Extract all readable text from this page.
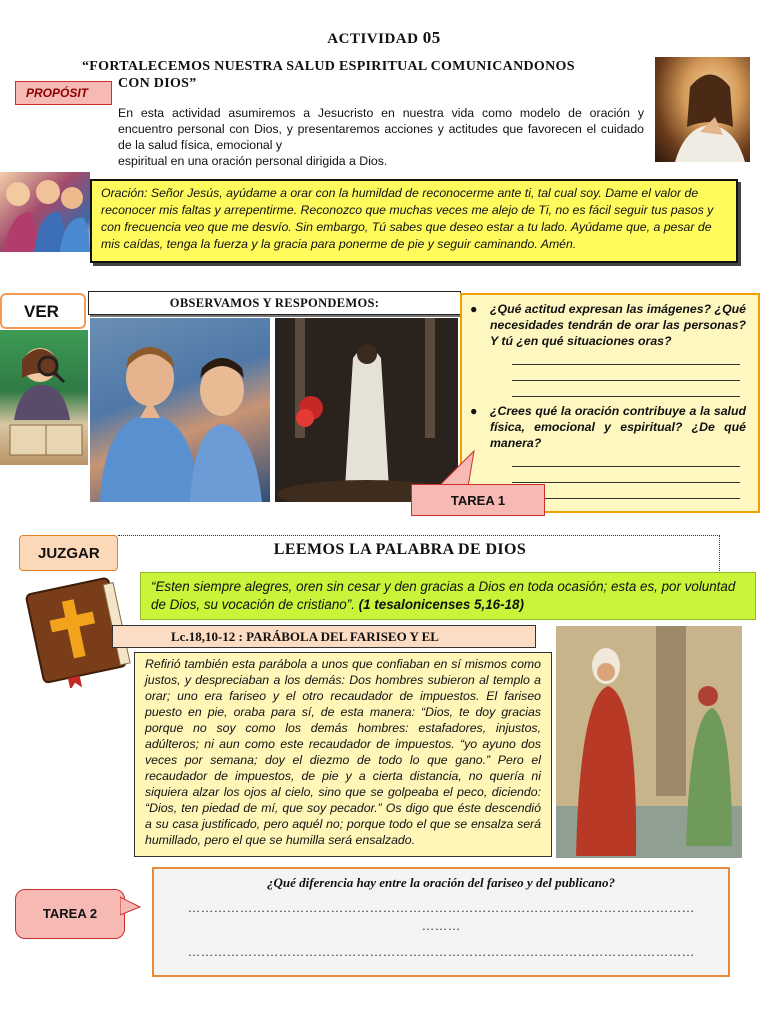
ACTIVIDAD 05
“FORTALECEMOS NUESTRA SALUD ESPIRITUAL COMUNICANDONOS
CON DIOS”
PROPÓSIT

En esta actividad asumiremos a Jesucristo en nuestra vida como modelo de oración y encuentro personal con Dios, y presentaremos acciones y actitudes que favorecen el cuidado de la salud física, emocional y

espiritual en una oración personal dirigida a Dios.

Oración: Señor Jesús, ayúdame a orar con la humildad de reconocerme ante ti, tal cual soy. Dame el valor de reconocer mis faltas y arrepentirme. Reconozco que muchas veces me alejo de Ti, no es fácil seguir tus pasos y con frecuencia veo que me desvío. Sin embargo, Tú sabes que deseo estar a tu lado. Ayúdame que, a pesar de mis caídas, tenga la fuerza y la gracia para ponerme de pie y seguir caminando. Amén.
VER	OBSERVAMOS Y RESPONDEMOS:	● ¿Qué actitud expresan las imágenes? ¿Qué necesidades tendrán de orar las personas? Y tú ¿en qué situaciones oras?
● ¿Crees qué la oración contribuye a la salud física, emocional y espiritual? ¿De qué manera?
TAREA 1
JUZGAR	LEEMOS LA PALABRA DE DIOS
“Esten siempre alegres, oren sin cesar y den gracias a Dios en toda ocasión; esta es, por voluntad de Dios, su vocación de cristiano”. (1 tesalonicenses 5,16-18)
Lc.18,10-12 : PARÁBOLA DEL FARISEO Y EL
Refirió también esta parábola a unos que confiaban en sí mismos como justos, y despreciaban a los demás: Dos hombres subieron al templo a orar; uno era fariseo y el otro recaudador de impuestos. El fariseo puesto en pie, oraba para sí, de esta manera: “Dios, te doy gracias porque no soy como los demás hombres: estafadores, injustos, adúlteros; ni aun como este recaudador de impuestos. “yo ayuno dos veces por semana; doy el diezmo de todo lo que gano.” Pero el recaudador de impuestos, de pie y a cierta distancia, no quería ni siquiera alzar los ojos al cielo, sino que se golpeaba el peco, diciendo: “Dios, ten piedad de mí, que soy pecador.” Os digo que éste descendió a su casa justificado, pero aquél no; porque todo el que se ensalza será humillado, pero el que se humilla será ensalzado.
TAREA 2
¿Qué diferencia hay entre la oración del fariseo y del publicano?
………………………………………………………………………………………………………
………
………………………………………………………………………………………………………
